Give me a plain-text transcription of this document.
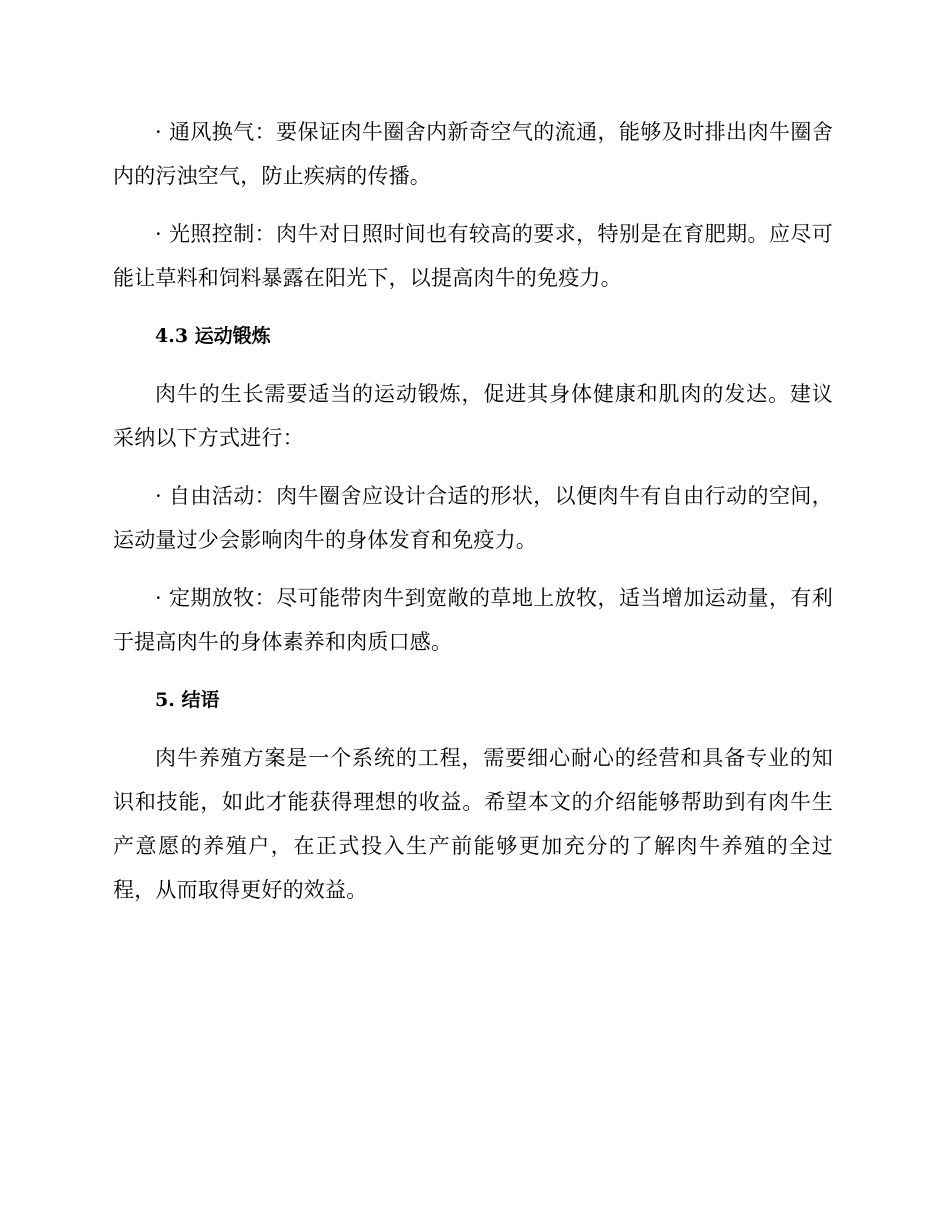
· 通风换气：要保证肉牛圈舍内新奇空气的流通，能够及时排出肉牛圈舍内的污浊空气，防止疾病的传播。

· 光照控制：肉牛对日照时间也有较高的要求，特别是在育肥期。应尽可能让草料和饲料暴露在阳光下，以提高肉牛的免疫力。

4.3 运动锻炼

肉牛的生长需要适当的运动锻炼，促进其身体健康和肌肉的发达。建议采纳以下方式进行：

· 自由活动：肉牛圈舍应设计合适的形状，以便肉牛有自由行动的空间，运动量过少会影响肉牛的身体发育和免疫力。

· 定期放牧：尽可能带肉牛到宽敞的草地上放牧，适当增加运动量，有利于提高肉牛的身体素养和肉质口感。

5. 结语

肉牛养殖方案是一个系统的工程，需要细心耐心的经营和具备专业的知识和技能，如此才能获得理想的收益。希望本文的介绍能够帮助到有肉牛生产意愿的养殖户，在正式投入生产前能够更加充分的了解肉牛养殖的全过程，从而取得更好的效益。
